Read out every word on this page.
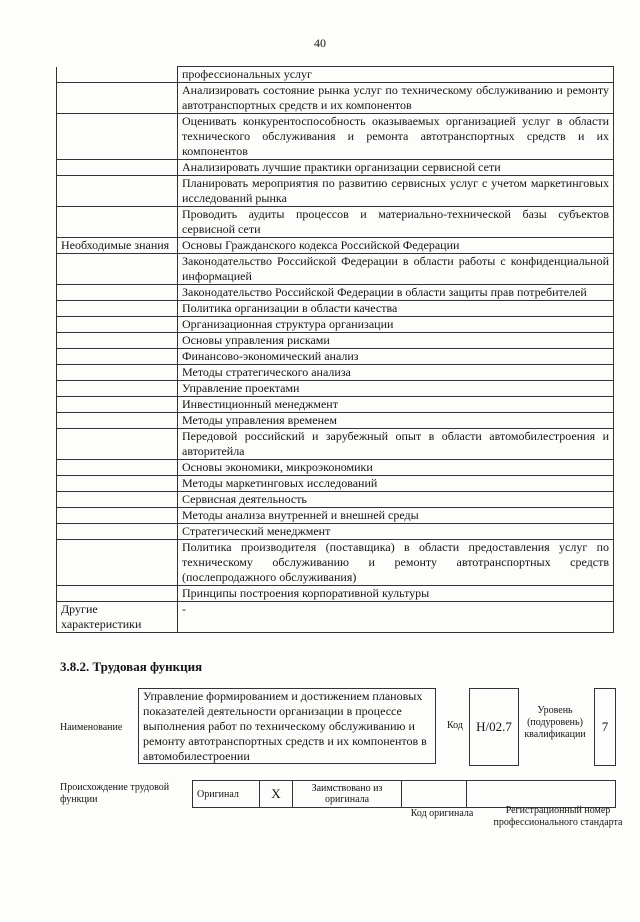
40
	профессиональных услуг
	Анализировать состояние рынка услуг по техническому обслуживанию и ремонту автотранспортных средств и их компонентов
	Оценивать конкурентоспособность оказываемых организацией услуг в области технического обслуживания и ремонта автотранспортных средств и их компонентов
	Анализировать лучшие практики организации сервисной сети
	Планировать мероприятия по развитию сервисных услуг с учетом маркетинговых исследований рынка
	Проводить аудиты процессов и материально-технической базы субъектов сервисной сети
Необходимые знания	Основы Гражданского кодекса Российской Федерации
	Законодательство Российской Федерации в области работы с конфиденциальной информацией
	Законодательство Российской Федерации в области защиты прав потребителей
	Политика организации в области качества
	Организационная структура организации
	Основы управления рисками
	Финансово-экономический анализ
	Методы стратегического анализа
	Управление проектами
	Инвестиционный менеджмент
	Методы управления временем
	Передовой российский и зарубежный опыт в области автомобилестроения и авторитейла
	Основы экономики, микроэкономики
	Методы маркетинговых исследований
	Сервисная деятельность
	Методы анализа внутренней и внешней среды
	Стратегический менеджмент
	Политика производителя (поставщика) в области предоставления услуг по техническому обслуживанию и ремонту автотранспортных средств (послепродажного обслуживания)
	Принципы построения корпоративной культуры
Другие характеристики	-
3.8.2. Трудовая функция
Наименование
Управление формированием и достижением плановых показателей деятельности организации в процессе выполнения работ по техническому обслуживанию и ремонту автотранспортных средств и их компонентов в автомобилестроении
Код	H/02.7
Уровень (подуровень) квалификации
7
Происхождение трудовой функции	Оригинал	X	Заимствовано из оригинала		
Код оригинала	Регистрационный номер профессионального стандарта
